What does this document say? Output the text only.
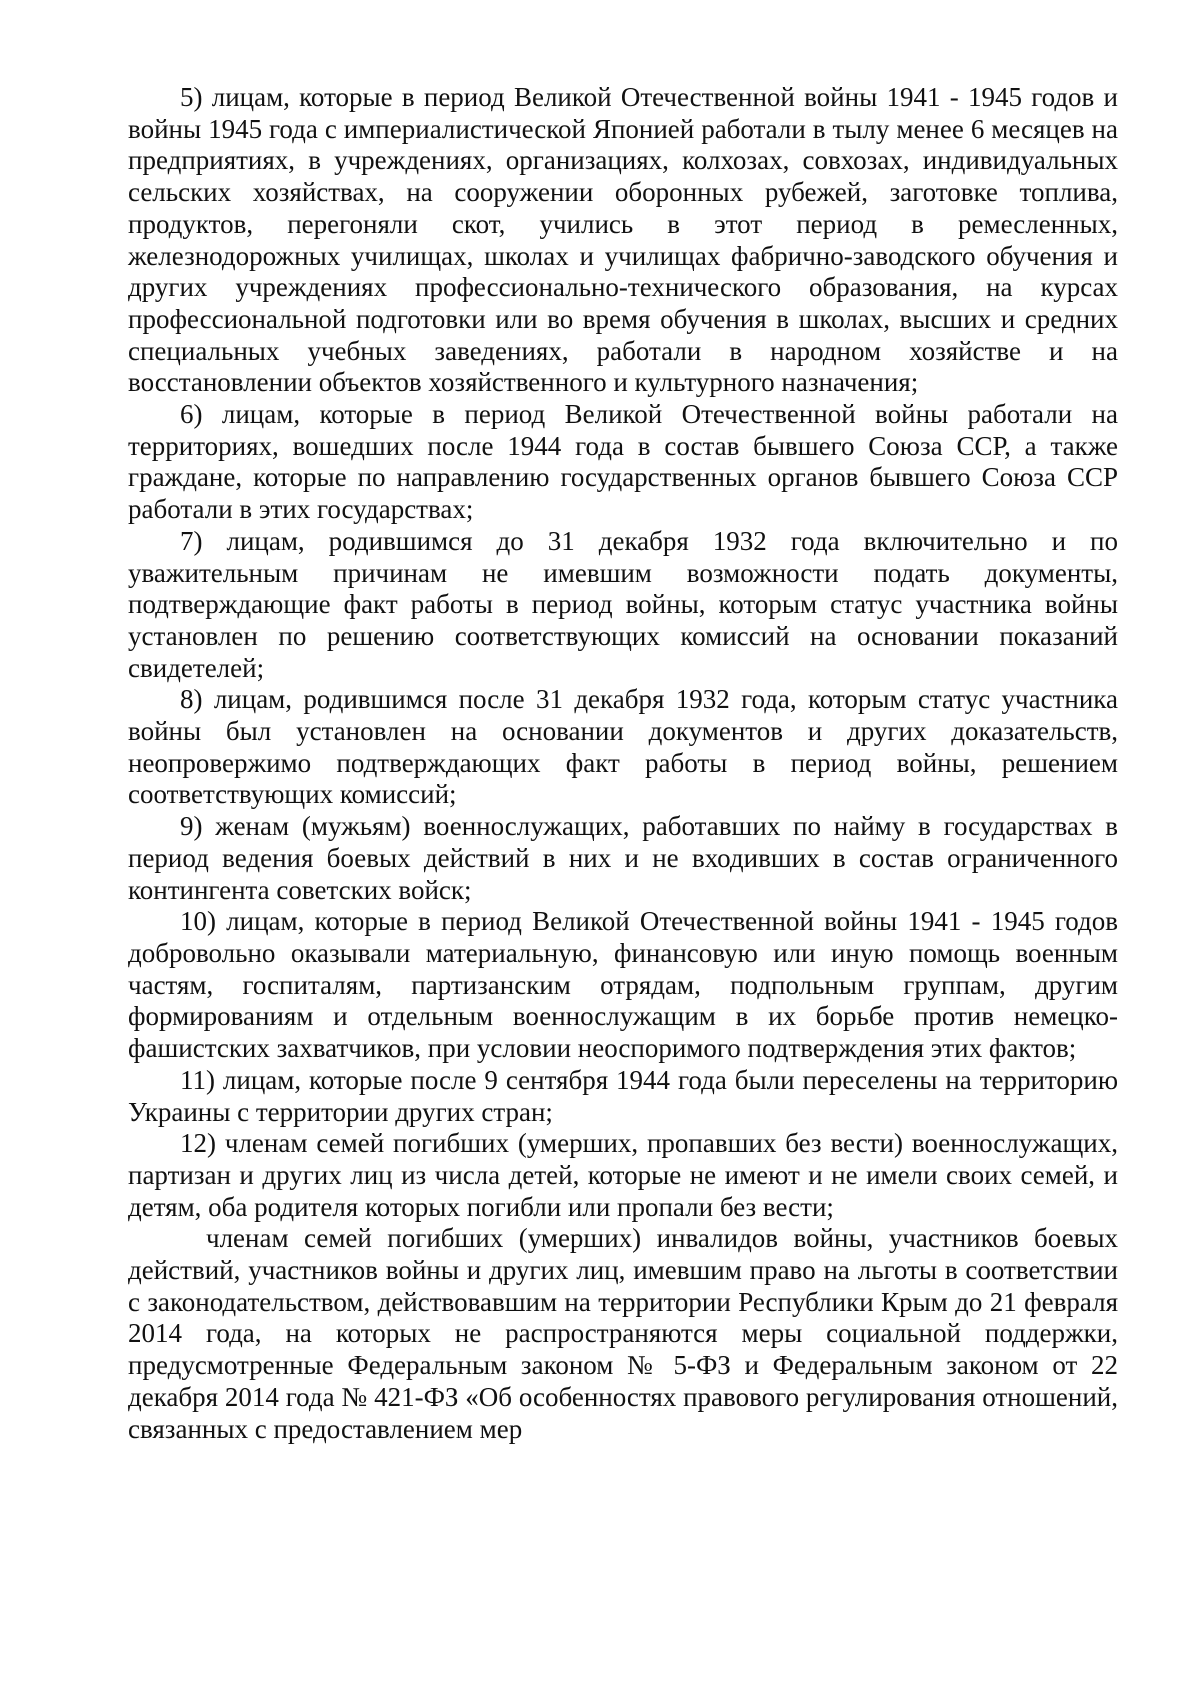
5) лицам, которые в период Великой Отечественной войны 1941 - 1945 годов и войны 1945 года с империалистической Японией работали в тылу менее 6 месяцев на предприятиях, в учреждениях, организациях, колхозах, совхозах, индивидуальных сельских хозяйствах, на сооружении оборонных рубежей, заготовке топлива, продуктов, перегоняли скот, учились в этот период в ремесленных, железнодорожных училищах, школах и училищах фабрично-заводского обучения и других учреждениях профессионально-технического образования, на курсах профессиональной подготовки или во время обучения в школах, высших и средних специальных учебных заведениях, работали в народном хозяйстве и на восстановлении объектов хозяйственного и культурного назначения;

6) лицам, которые в период Великой Отечественной войны работали на территориях, вошедших после 1944 года в состав бывшего Союза ССР, а также граждане, которые по направлению государственных органов бывшего Союза ССР работали в этих государствах;

7) лицам, родившимся до 31 декабря 1932 года включительно и по уважительным причинам не имевшим возможности подать документы, подтверждающие факт работы в период войны, которым статус участника войны установлен по решению соответствующих комиссий на основании показаний свидетелей;

8) лицам, родившимся после 31 декабря 1932 года, которым статус участника войны был установлен на основании документов и других доказательств, неопровержимо подтверждающих факт работы в период войны, решением соответствующих комиссий;

9) женам (мужьям) военнослужащих, работавших по найму в государствах в период ведения боевых действий в них и не входивших в состав ограниченного контингента советских войск;

10) лицам, которые в период Великой Отечественной войны 1941 - 1945 годов добровольно оказывали материальную, финансовую или иную помощь военным частям, госпиталям, партизанским отрядам, подпольным группам, другим формированиям и отдельным военнослужащим в их борьбе против немецко-фашистских захватчиков, при условии неоспоримого подтверждения этих фактов;

11) лицам, которые после 9 сентября 1944 года были переселены на территорию Украины с территории других стран;

12) членам семей погибших (умерших, пропавших без вести) военнослужащих, партизан и других лиц из числа детей, которые не имеют и не имели своих семей, и детям, оба родителя которых погибли или пропали без вести;

членам семей погибших (умерших) инвалидов войны, участников боевых действий, участников войны и других лиц, имевшим право на льготы в соответствии с законодательством, действовавшим на территории Республики Крым до 21 февраля 2014 года, на которых не распространяются меры социальной поддержки, предусмотренные Федеральным законом № 5-ФЗ и Федеральным законом от 22 декабря 2014 года № 421-ФЗ «Об особенностях правового регулирования отношений, связанных с предоставлением мер
